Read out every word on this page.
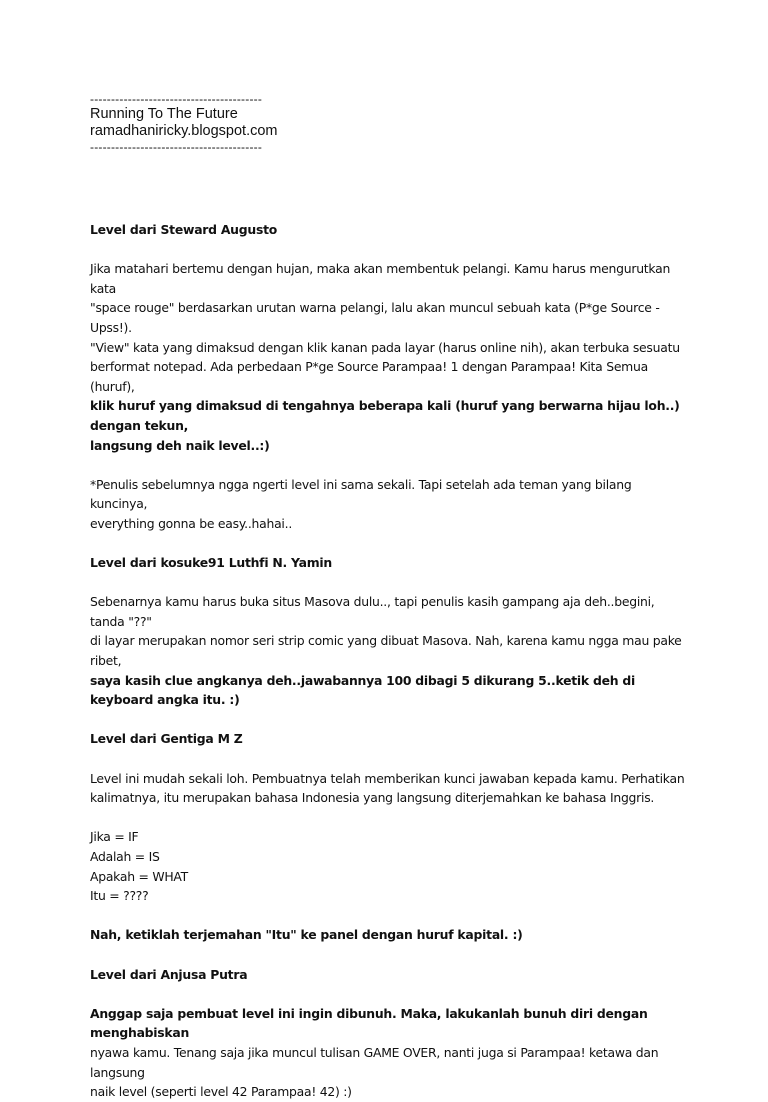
-----------------------------------------
Running To The Future
ramadhaniricky.blogspot.com
-----------------------------------------

Level dari Steward Augusto

Jika matahari bertemu dengan hujan, maka akan membentuk pelangi. Kamu harus mengurutkan kata

"space rouge" berdasarkan urutan warna pelangi, lalu akan muncul sebuah kata (P*ge Source - Upss!).

"View" kata yang dimaksud dengan klik kanan pada layar (harus online nih), akan terbuka sesuatu

berformat notepad. Ada perbedaan P*ge Source Parampaa! 1 dengan Parampaa! Kita Semua (huruf),

klik huruf yang dimaksud di tengahnya beberapa kali (huruf yang berwarna hijau loh..) dengan tekun,

langsung deh naik level..:)

*Penulis sebelumnya ngga ngerti level ini sama sekali. Tapi setelah ada teman yang bilang kuncinya,

everything gonna be easy..hahai..

Level dari kosuke91 Luthfi N. Yamin

Sebenarnya kamu harus buka situs Masova dulu.., tapi penulis kasih gampang aja deh..begini, tanda "??"

di layar merupakan nomor seri strip comic yang dibuat Masova. Nah, karena kamu ngga mau pake ribet,

saya kasih clue angkanya deh..jawabannya 100 dibagi 5 dikurang 5..ketik deh di keyboard angka itu. :)

Level dari Gentiga M Z

Level ini mudah sekali loh. Pembuatnya telah memberikan kunci jawaban kepada kamu. Perhatikan

kalimatnya, itu merupakan bahasa Indonesia yang langsung diterjemahkan ke bahasa Inggris.

Jika = IF

Adalah = IS

Apakah = WHAT

Itu = ????

Nah, ketiklah terjemahan "Itu" ke panel dengan huruf kapital. :)

Level dari Anjusa Putra

Anggap saja pembuat level ini ingin dibunuh. Maka, lakukanlah bunuh diri dengan menghabiskan

nyawa kamu. Tenang saja jika muncul tulisan GAME OVER, nanti juga si Parampaa! ketawa dan langsung

naik level (seperti level 42 Parampaa! 42) :)
